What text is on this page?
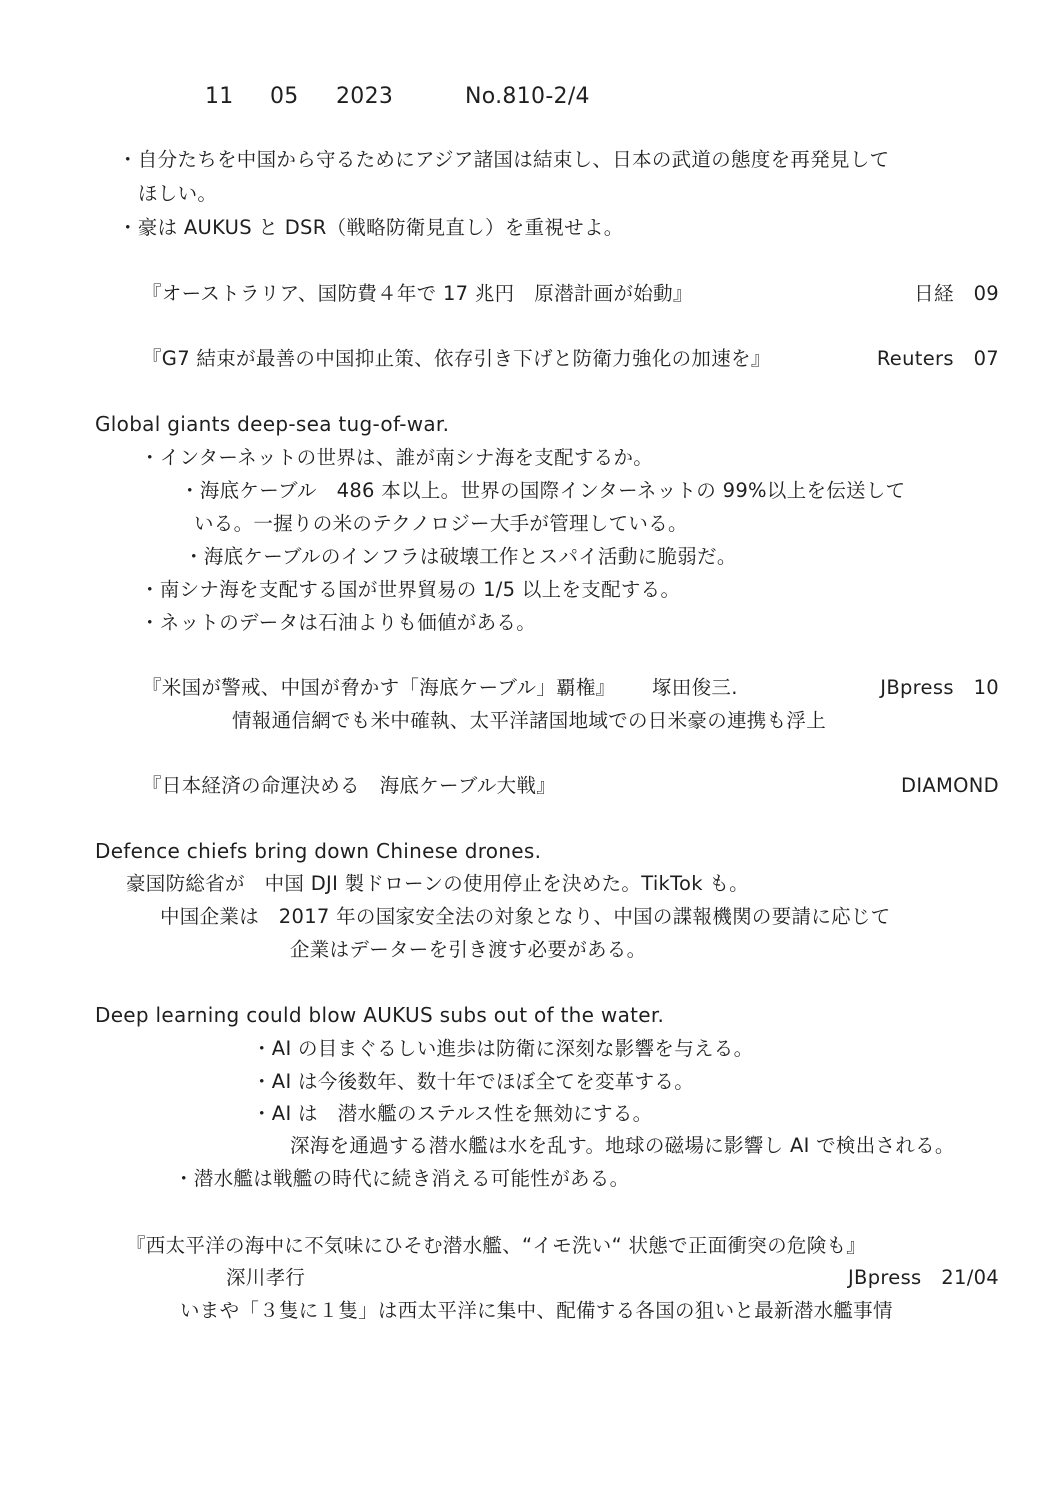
11 05 2023	No.810-2/4
・自分たちを中国から守るためにアジア諸国は結束し、日本の武道の態度を再発見して
ほしい。
・豪は AUKUS と DSR（戦略防衛見直し）を重視せよ。
『オーストラリア、国防費４年で 17 兆円　原潜計画が始動』	日経　09
『G7 結束が最善の中国抑止策、依存引き下げと防衛力強化の加速を』	Reuters　07
Global giants deep-sea tug-of-war.
・インターネットの世界は、誰が南シナ海を支配するか。
・海底ケーブル　486 本以上。世界の国際インターネットの 99%以上を伝送して
いる。一握りの米のテクノロジー大手が管理している。
・海底ケーブルのインフラは破壊工作とスパイ活動に脆弱だ。
・南シナ海を支配する国が世界貿易の 1/5 以上を支配する。
・ネットのデータは石油よりも価値がある。
『米国が警戒、中国が脅かす「海底ケーブル」覇権』 塚田俊三.	JBpress　10
情報通信網でも米中確執、太平洋諸国地域での日米豪の連携も浮上
『日本経済の命運決める　海底ケーブル大戦』	DIAMOND
Defence chiefs bring down Chinese drones.
豪国防総省が　中国 DJI 製ドローンの使用停止を決めた。TikTok も。
中国企業は　2017 年の国家安全法の対象となり、中国の諜報機関の要請に応じて
企業はデーターを引き渡す必要がある。
Deep learning could blow AUKUS subs out of the water.
・AI の目まぐるしい進歩は防衛に深刻な影響を与える。
・AI は今後数年、数十年でほぼ全てを変革する。
・AI は　潜水艦のステルス性を無効にする。
深海を通過する潜水艦は水を乱す。地球の磁場に影響し AI で検出される。
・潜水艦は戦艦の時代に続き消える可能性がある。
『西太平洋の海中に不気味にひそむ潜水艦、“イモ洗い“ 状態で正面衝突の危険も』
深川孝行	JBpress　21/04
いまや「３隻に１隻」は西太平洋に集中、配備する各国の狙いと最新潜水艦事情
